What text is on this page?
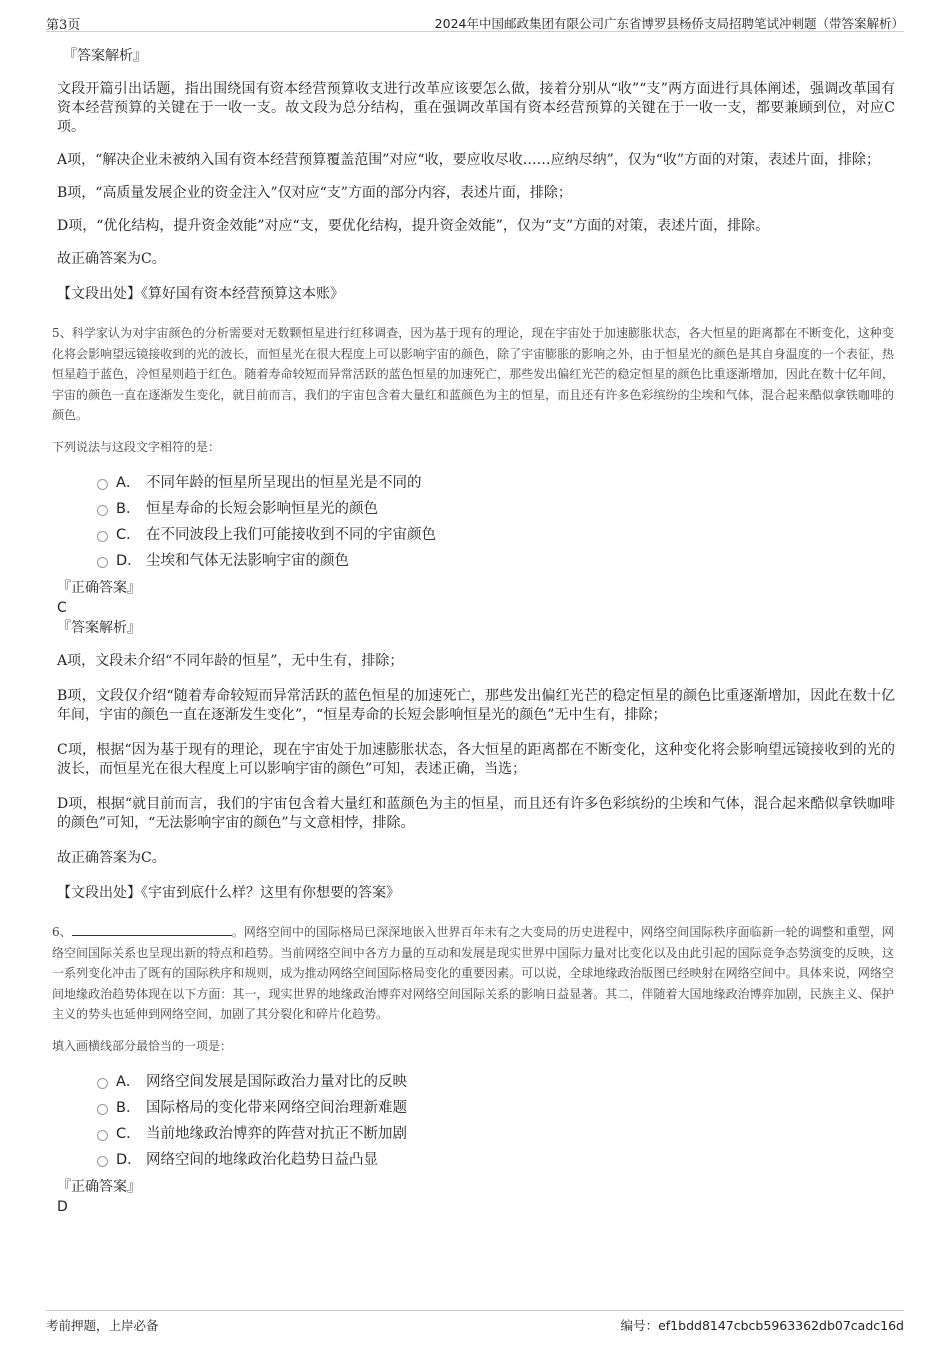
第3页	2024年中国邮政集团有限公司广东省博罗县杨侨支局招聘笔试冲刺题（带答案解析）
『答案解析』
文段开篇引出话题，指出围绕国有资本经营预算收支进行改革应该要怎么做，接着分别从“收”“支”两方面进行具体阐述，强调改革国有资本经营预算的关键在于一收一支。故文段为总分结构，重在强调改革国有资本经营预算的关键在于一收一支，都要兼顾到位，对应C项。
A项，“解决企业未被纳入国有资本经营预算覆盖范围”对应“收，要应收尽收……应纳尽纳”，仅为“收”方面的对策，表述片面，排除；
B项，“高质量发展企业的资金注入”仅对应“支”方面的部分内容，表述片面，排除；
D项，“优化结构，提升资金效能”对应“支，要优化结构，提升资金效能”，仅为“支”方面的对策，表述片面，排除。
故正确答案为C。
【文段出处】《算好国有资本经营预算这本账》
5、科学家认为对宇宙颜色的分析需要对无数颗恒星进行红移调查，因为基于现有的理论，现在宇宙处于加速膨胀状态，各大恒星的距离都在不断变化，这种变化将会影响望远镜接收到的光的波长，而恒星光在很大程度上可以影响宇宙的颜色，除了宇宙膨胀的影响之外，由于恒星光的颜色是其自身温度的一个表征，热恒星趋于蓝色，冷恒星则趋于红色。随着寿命较短而异常活跃的蓝色恒星的加速死亡，那些发出偏红光芒的稳定恒星的颜色比重逐渐增加，因此在数十亿年间，宇宙的颜色一直在逐渐发生变化，就目前而言，我们的宇宙包含着大量红和蓝颜色为主的恒星，而且还有许多色彩缤纷的尘埃和气体，混合起来酷似拿铁咖啡的颜色。
下列说法与这段文字相符的是：
A． 不同年龄的恒星所呈现出的恒星光是不同的
B． 恒星寿命的长短会影响恒星光的颜色
C． 在不同波段上我们可能接收到不同的宇宙颜色
D． 尘埃和气体无法影响宇宙的颜色
『正确答案』
C
『答案解析』
A项，文段未介绍“不同年龄的恒星”，无中生有，排除；
B项，文段仅介绍“随着寿命较短而异常活跃的蓝色恒星的加速死亡，那些发出偏红光芒的稳定恒星的颜色比重逐渐增加，因此在数十亿年间，宇宙的颜色一直在逐渐发生变化”，“恒星寿命的长短会影响恒星光的颜色”无中生有，排除；
C项，根据“因为基于现有的理论，现在宇宙处于加速膨胀状态，各大恒星的距离都在不断变化，这种变化将会影响望远镜接收到的光的波长，而恒星光在很大程度上可以影响宇宙的颜色”可知，表述正确，当选；
D项，根据“就目前而言，我们的宇宙包含着大量红和蓝颜色为主的恒星，而且还有许多色彩缤纷的尘埃和气体，混合起来酷似拿铁咖啡的颜色”可知，“无法影响宇宙的颜色”与文意相悖，排除。
故正确答案为C。
【文段出处】《宇宙到底什么样？这里有你想要的答案》
6、	。网络空间中的国际格局已深深地嵌入世界百年未有之大变局的历史进程中，网络空间国际秩序面临新一轮的调整和重塑，网络空间国际关系也呈现出新的特点和趋势。当前网络空间中各方力量的互动和发展是现实世界中国际力量对比变化以及由此引起的国际竞争态势演变的反映，这一系列变化冲击了既有的国际秩序和规则，成为推动网络空间国际格局变化的重要因素。可以说，全球地缘政治版图已经映射在网络空间中。具体来说，网络空间地缘政治趋势体现在以下方面：其一，现实世界的地缘政治博弈对网络空间国际关系的影响日益显著。其二，伴随着大国地缘政治博弈加剧，民族主义、保护主义的势头也延伸到网络空间，加剧了其分裂化和碎片化趋势。
填入画横线部分最恰当的一项是：
A． 网络空间发展是国际政治力量对比的反映
B． 国际格局的变化带来网络空间治理新难题
C． 当前地缘政治博弈的阵营对抗正不断加剧
D． 网络空间的地缘政治化趋势日益凸显
『正确答案』
D
考前押题，上岸必备	编号：ef1bdd8147cbcb5963362db07cadc16d
